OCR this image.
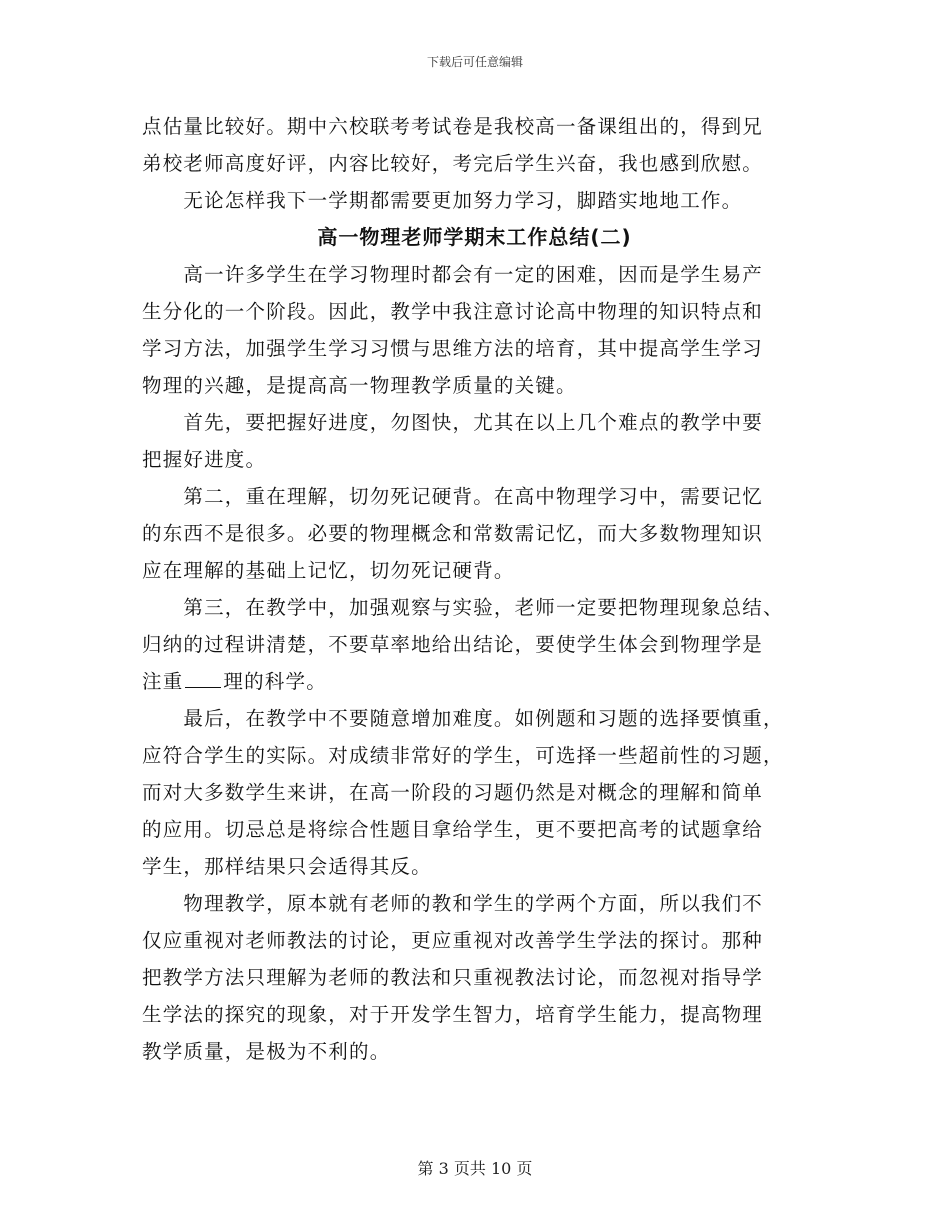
下载后可任意编辑
点估量比较好。期中六校联考考试卷是我校高一备课组出的，得到兄
弟校老师高度好评，内容比较好，考完后学生兴奋，我也感到欣慰。
　　无论怎样我下一学期都需要更加努力学习，脚踏实地地工作。
高一物理老师学期末工作总结(二)
　　高一许多学生在学习物理时都会有一定的困难，因而是学生易产
生分化的一个阶段。因此，教学中我注意讨论高中物理的知识特点和
学习方法，加强学生学习习惯与思维方法的培育，其中提高学生学习
物理的兴趣，是提高高一物理教学质量的关键。
　　首先，要把握好进度，勿图快，尤其在以上几个难点的教学中要
把握好进度。
　　第二，重在理解，切勿死记硬背。在高中物理学习中，需要记忆
的东西不是很多。必要的物理概念和常数需记忆，而大多数物理知识
应在理解的基础上记忆，切勿死记硬背。
　　第三，在教学中，加强观察与实验，老师一定要把物理现象总结、
归纳的过程讲清楚，不要草率地给出结论，要使学生体会到物理学是
注重 理的科学。
　　最后，在教学中不要随意增加难度。如例题和习题的选择要慎重，
应符合学生的实际。对成绩非常好的学生，可选择一些超前性的习题，
而对大多数学生来讲，在高一阶段的习题仍然是对概念的理解和简单
的应用。切忌总是将综合性题目拿给学生，更不要把高考的试题拿给
学生，那样结果只会适得其反。
　　物理教学，原本就有老师的教和学生的学两个方面，所以我们不
仅应重视对老师教法的讨论，更应重视对改善学生学法的探讨。那种
把教学方法只理解为老师的教法和只重视教法讨论，而忽视对指导学
生学法的探究的现象，对于开发学生智力，培育学生能力，提高物理
教学质量，是极为不利的。
第 3 页共 10 页
